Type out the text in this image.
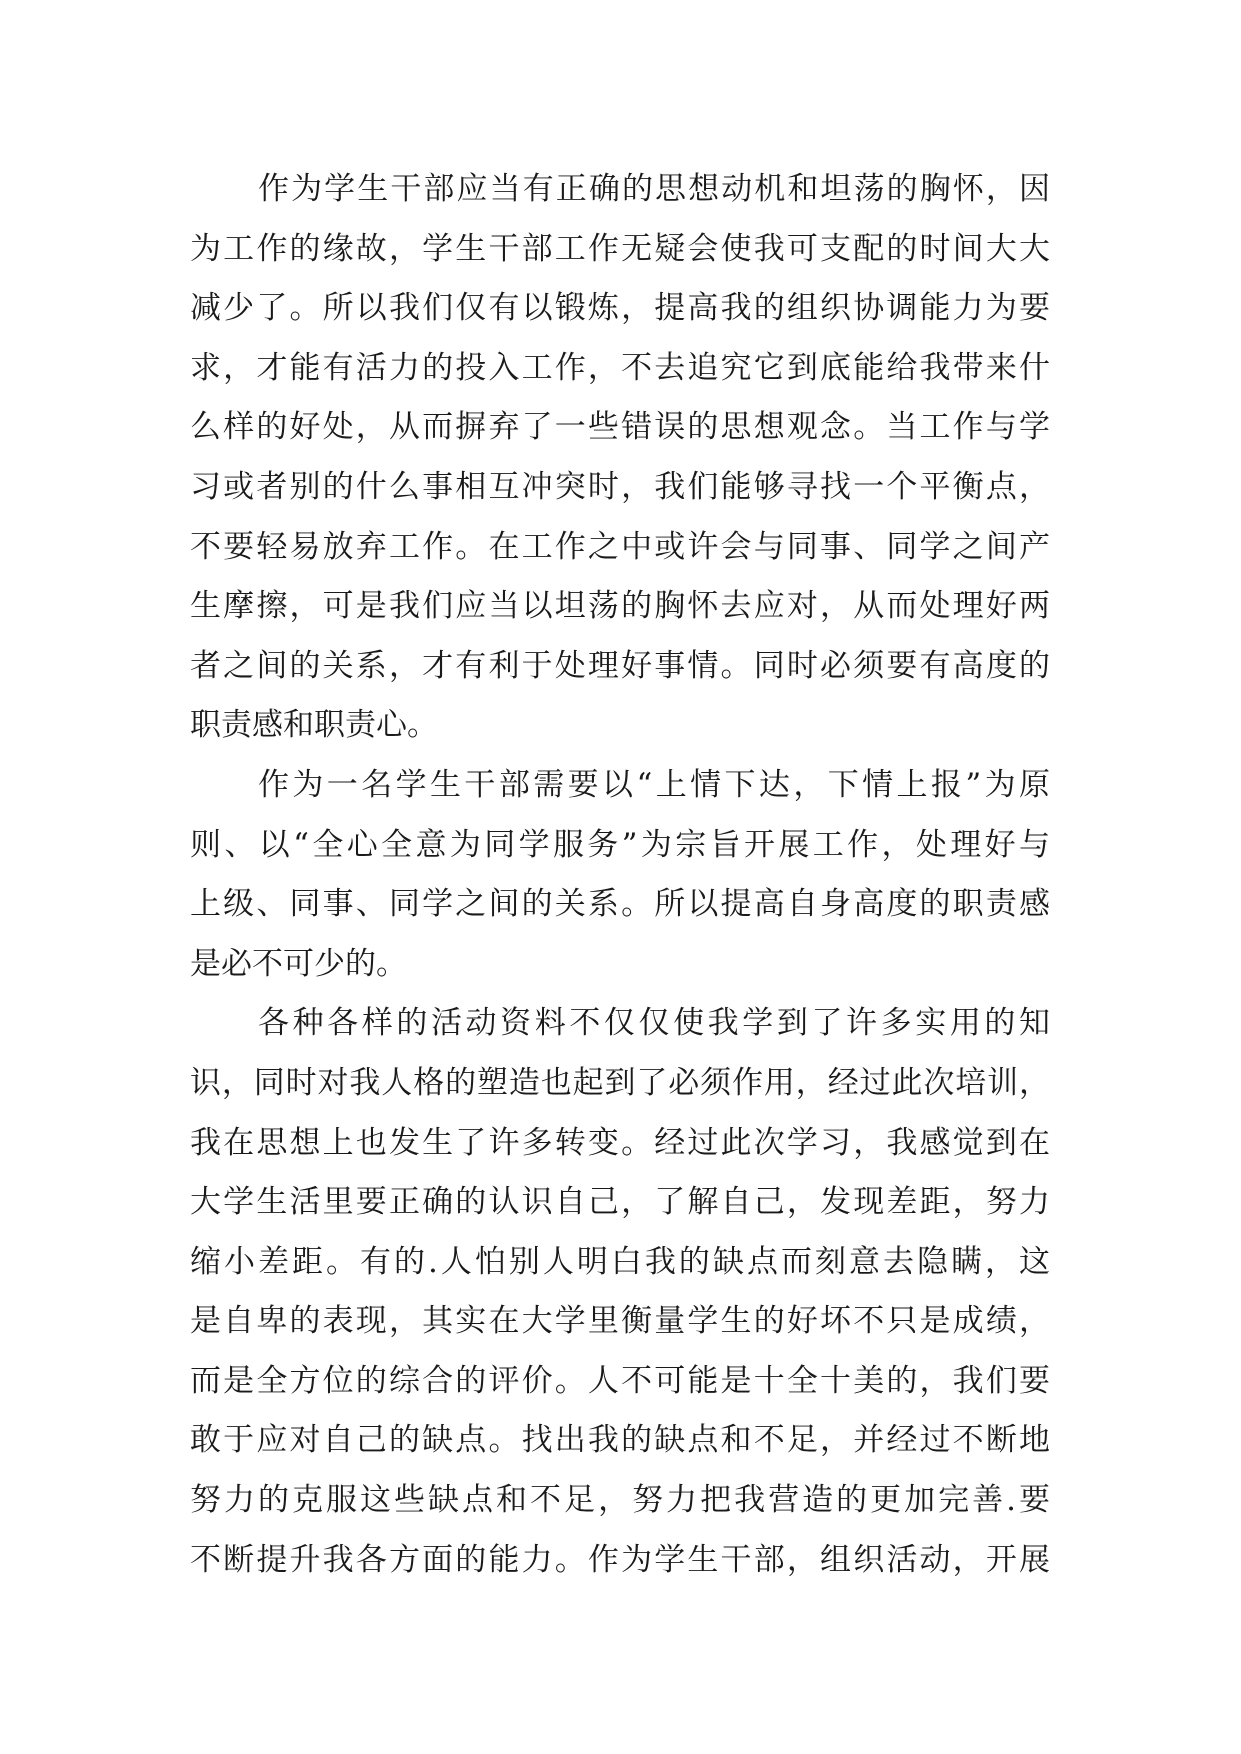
作为学生干部应当有正确的思想动机和坦荡的胸怀，因
为工作的缘故，学生干部工作无疑会使我可支配的时间大大
减少了。所以我们仅有以锻炼，提高我的组织协调能力为要
求，才能有活力的投入工作，不去追究它到底能给我带来什
么样的好处，从而摒弃了一些错误的思想观念。当工作与学
习或者别的什么事相互冲突时，我们能够寻找一个平衡点，
不要轻易放弃工作。在工作之中或许会与同事、同学之间产
生摩擦，可是我们应当以坦荡的胸怀去应对，从而处理好两
者之间的关系，才有利于处理好事情。同时必须要有高度的
职责感和职责心。
作为一名学生干部需要以“上情下达，下情上报”为原
则、以“全心全意为同学服务”为宗旨开展工作，处理好与
上级、同事、同学之间的关系。所以提高自身高度的职责感
是必不可少的。
各种各样的活动资料不仅仅使我学到了许多实用的知
识，同时对我人格的塑造也起到了必须作用，经过此次培训，
我在思想上也发生了许多转变。经过此次学习，我感觉到在
大学生活里要正确的认识自己，了解自己，发现差距，努力
缩小差距。有的.人怕别人明白我的缺点而刻意去隐瞒，这
是自卑的表现，其实在大学里衡量学生的好坏不只是成绩，
而是全方位的综合的评价。人不可能是十全十美的，我们要
敢于应对自己的缺点。找出我的缺点和不足，并经过不断地
努力的克服这些缺点和不足，努力把我营造的更加完善.要
不断提升我各方面的能力。作为学生干部，组织活动，开展
